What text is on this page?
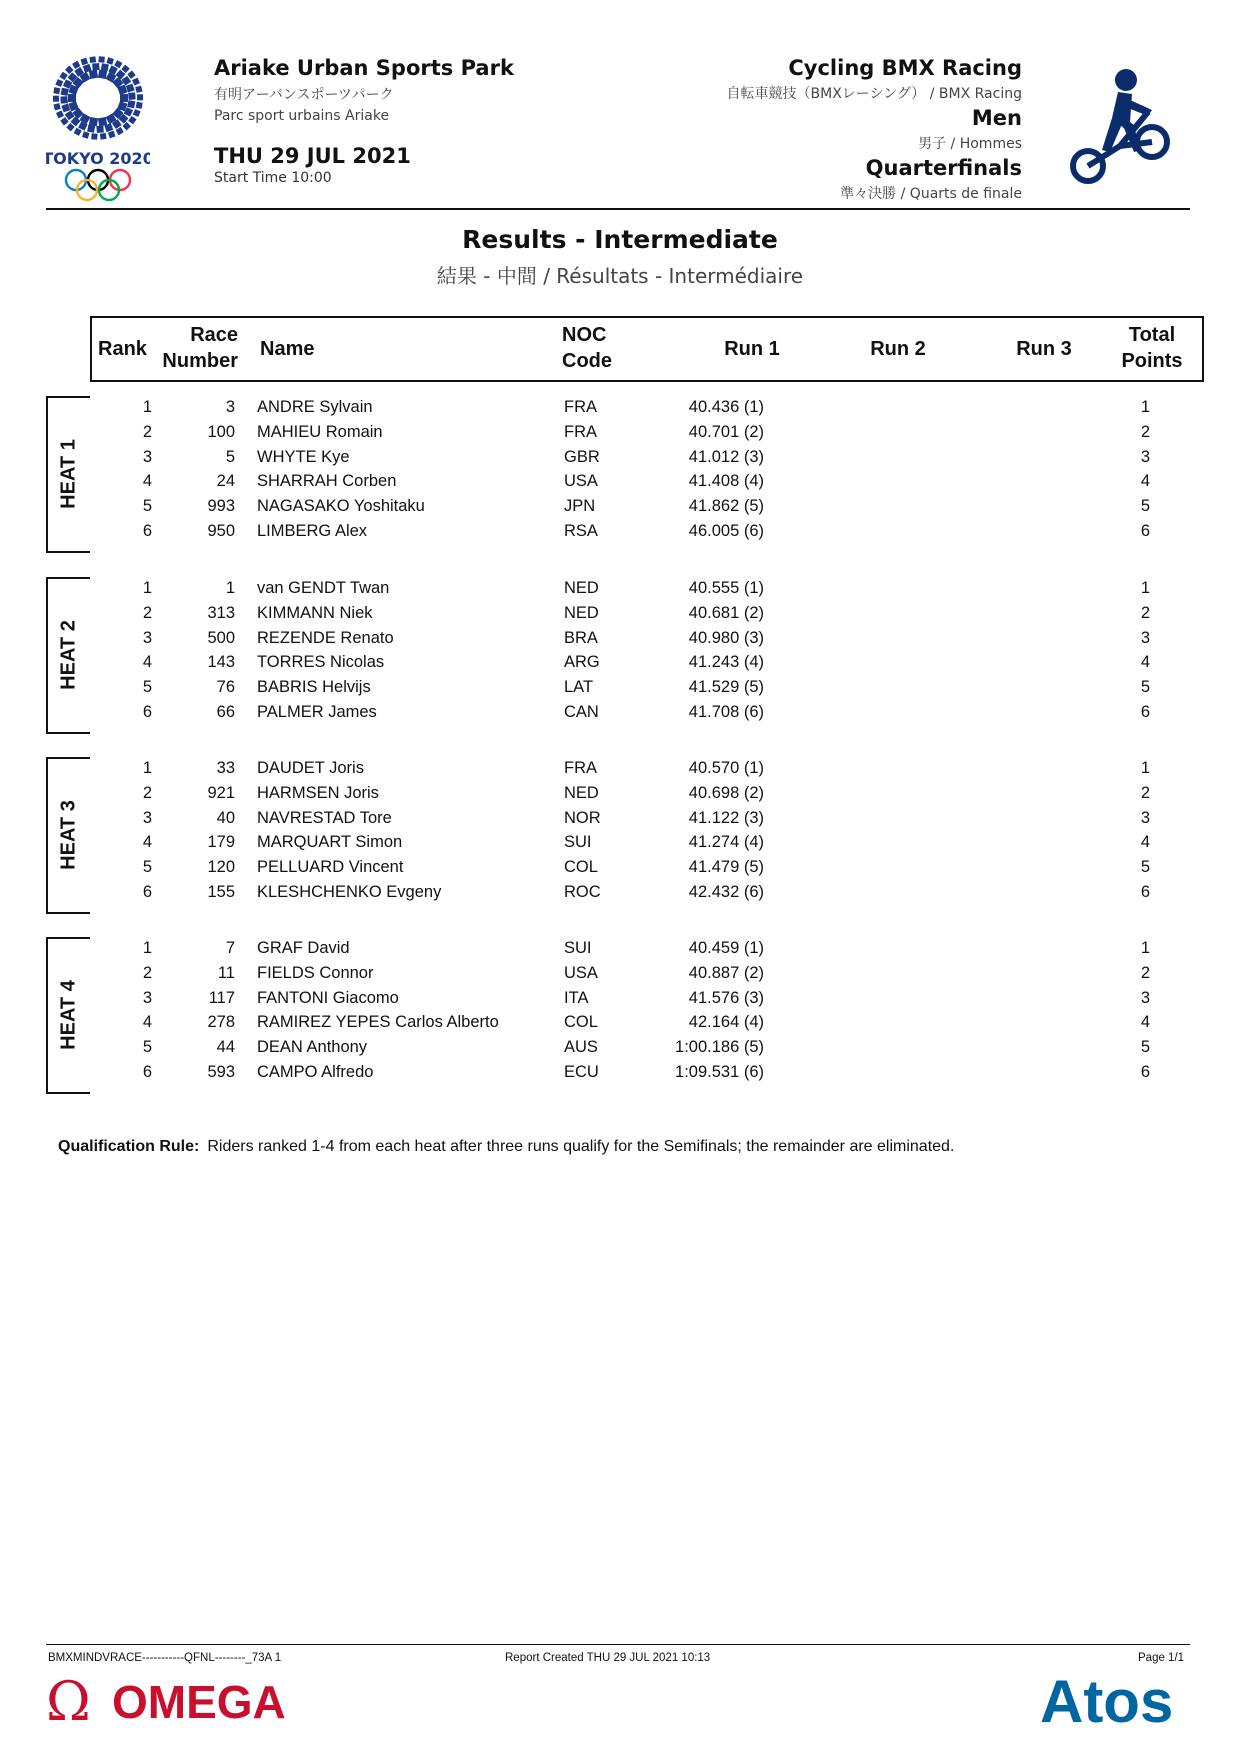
TOKYO 2020
Ariake Urban Sports Park
有明アーバンスポーツパーク
Parc sport urbains Ariake
THU 29 JUL 2021
Start Time 10:00
Cycling BMX Racing
自転車競技（BMXレーシング） / BMX Racing
Men
男子 / Hommes
Quarterfinals
準々決勝 / Quarts de finale
Results - Intermediate
結果 - 中間 / Résultats - Intermédiaire
Rank
Race
Number
Name
NOC
Code
Run 1	Run 2	Run 3
Total
Points
HEAT 1
1	3 ANDRE Sylvain	FRA	40.436 (1)	1
2	100 MAHIEU Romain	FRA	40.701 (2)	2
3	5 WHYTE Kye	GBR	41.012 (3)	3
4	24 SHARRAH Corben	USA	41.408 (4)	4
5	993 NAGASAKO Yoshitaku	JPN	41.862 (5)	5
6	950 LIMBERG Alex	RSA	46.005 (6)	6
HEAT 2
1	1 van GENDT Twan	NED	40.555 (1)	1
2	313 KIMMANN Niek	NED	40.681 (2)	2
3	500 REZENDE Renato	BRA	40.980 (3)	3
4	143 TORRES Nicolas	ARG	41.243 (4)	4
5	76 BABRIS Helvijs	LAT	41.529 (5)	5
6	66 PALMER James	CAN	41.708 (6)	6
HEAT 3
1	33 DAUDET Joris	FRA	40.570 (1)	1
2	921 HARMSEN Joris	NED	40.698 (2)	2
3	40 NAVRESTAD Tore	NOR	41.122 (3)	3
4	179 MARQUART Simon	SUI	41.274 (4)	4
5	120 PELLUARD Vincent	COL	41.479 (5)	5
6	155 KLESHCHENKO Evgeny	ROC	42.432 (6)	6
HEAT 4
1	7 GRAF David	SUI	40.459 (1)	1
2	11 FIELDS Connor	USA	40.887 (2)	2
3	117 FANTONI Giacomo	ITA	41.576 (3)	3
4	278 RAMIREZ YEPES Carlos Alberto	COL	42.164 (4)	4
5	44 DEAN Anthony	AUS	1:00.186 (5)	5
6	593 CAMPO Alfredo	ECU	1:09.531 (6)	6
Qualification Rule: Riders ranked 1-4 from each heat after three runs qualify for the Semifinals; the remainder are eliminated.
BMXMINDVRACE-----------QFNL--------_73A 1	Report Created THU 29 JUL 2021 10:13	Page 1/1
Ω OMEGA	Atos
